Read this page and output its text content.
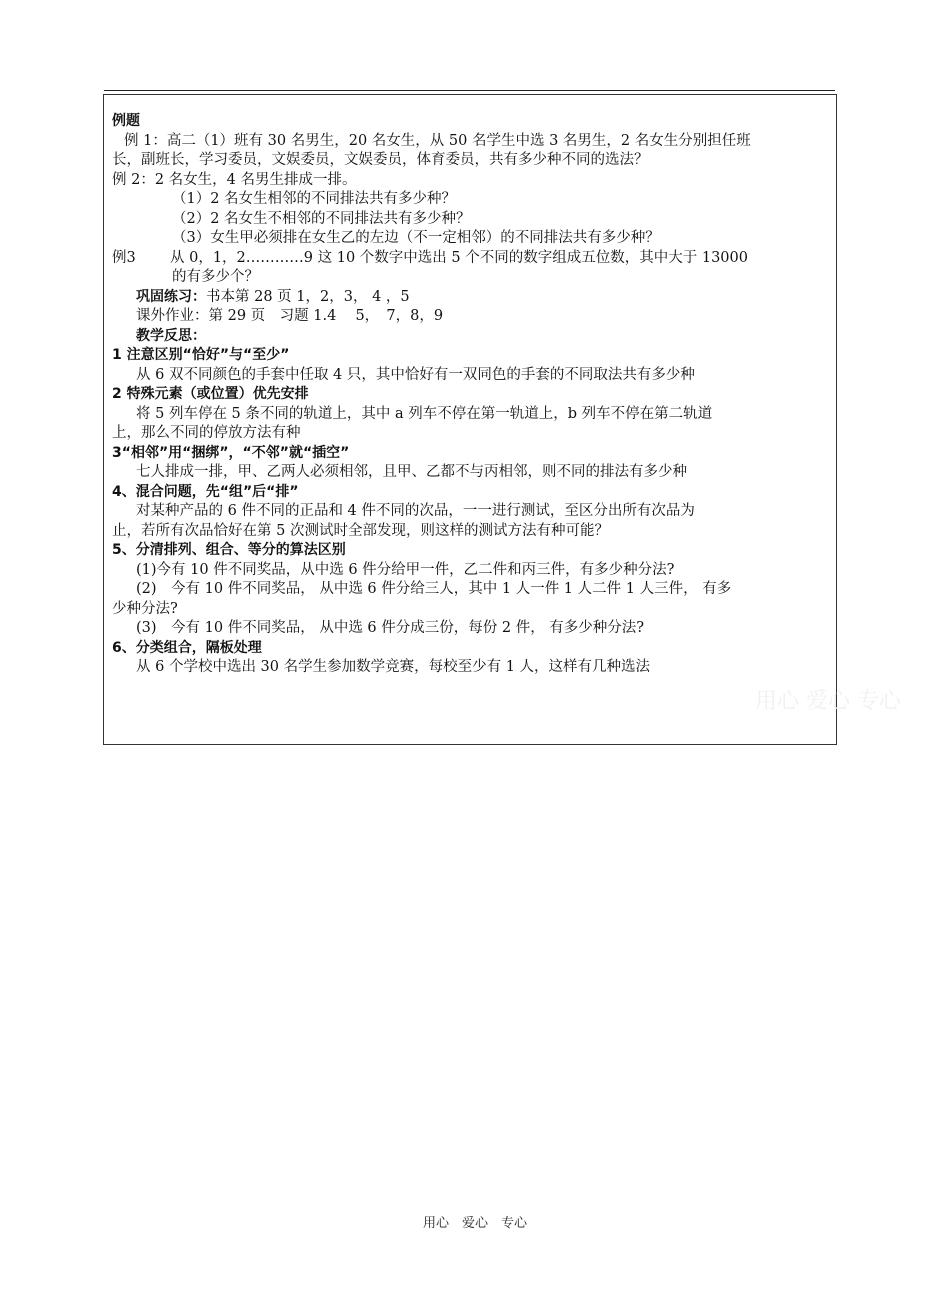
例题

例 1：高二（1）班有 30 名男生，20 名女生，从 50 名学生中选 3 名男生，2 名女生分别担任班

长，副班长，学习委员，文娱委员，文娱委员，体育委员，共有多少种不同的选法？

例 2：2 名女生，4 名男生排成一排。

（1）2 名女生相邻的不同排法共有多少种？

（2）2 名女生不相邻的不同排法共有多少种？

（3）女生甲必须排在女生乙的左边（不一定相邻）的不同排法共有多少种？

例3	从 0，1，2…………9 这 10 个数字中选出 5 个不同的数字组成五位数，其中大于 13000

的有多少个？

巩固练习：书本第 28 页 1，2，3， 4 ，5

课外作业：第 29 页　习题 1.4　 5，　7，8，9

教学反思：

1 注意区别“恰好”与“至少”

从 6 双不同颜色的手套中任取 4 只，其中恰好有一双同色的手套的不同取法共有多少种

2 特殊元素（或位置）优先安排

将 5 列车停在 5 条不同的轨道上，其中 a 列车不停在第一轨道上，b 列车不停在第二轨道

上，那么不同的停放方法有种

3“相邻”用“捆绑”，“不邻”就“插空”

七人排成一排，甲、乙两人必须相邻，且甲、乙都不与丙相邻，则不同的排法有多少种

4、混合问题，先“组”后“排”

对某种产品的 6 件不同的正品和 4 件不同的次品，一一进行测试，至区分出所有次品为

止，若所有次品恰好在第 5 次测试时全部发现，则这样的测试方法有种可能？

5、分清排列、组合、等分的算法区别

(1)今有 10 件不同奖品，从中选 6 件分给甲一件，乙二件和丙三件，有多少种分法?

(2)　今有 10 件不同奖品， 从中选 6 件分给三人，其中 1 人一件 1 人二件 1 人三件， 有多

少种分法?

(3)　今有 10 件不同奖品， 从中选 6 件分成三份，每份 2 件， 有多少种分法?

6、分类组合，隔板处理

从 6 个学校中选出 30 名学生参加数学竞赛，每校至少有 1 人，这样有几种选法

用心 爱心 专心
用心　爱心　专心
